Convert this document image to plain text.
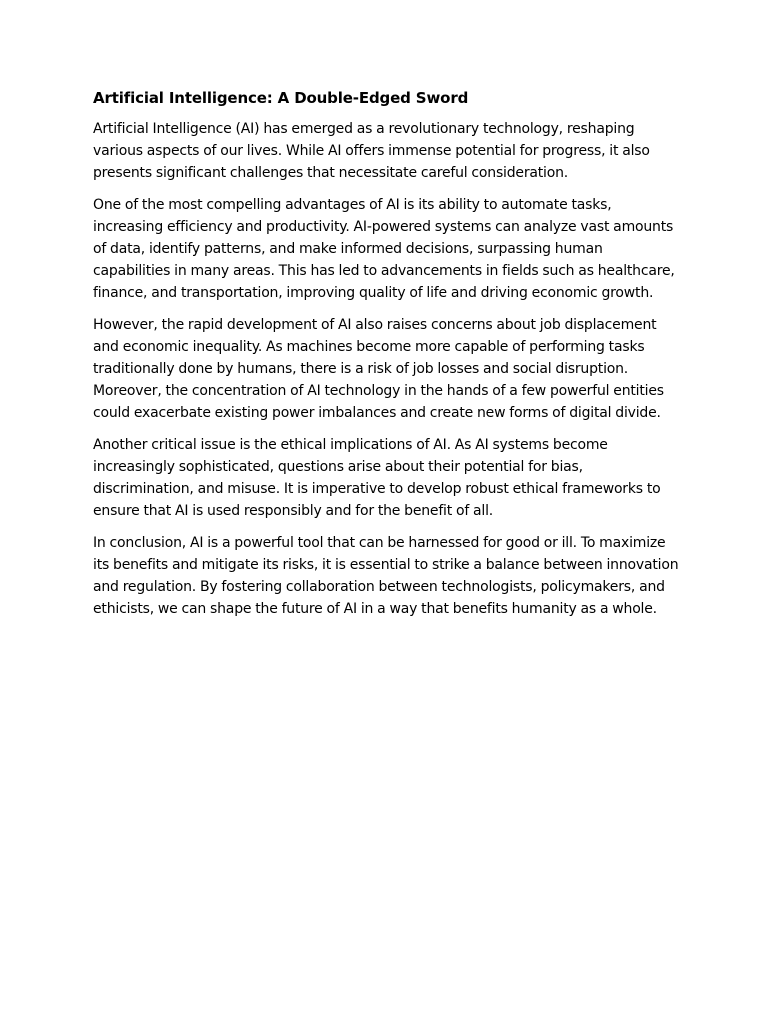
Artificial Intelligence: A Double-Edged Sword

Artificial Intelligence (AI) has emerged as a revolutionary technology, reshaping various aspects of our lives. While AI offers immense potential for progress, it also presents significant challenges that necessitate careful consideration.

One of the most compelling advantages of AI is its ability to automate tasks, increasing efficiency and productivity. AI-powered systems can analyze vast amounts of data, identify patterns, and make informed decisions, surpassing human capabilities in many areas. This has led to advancements in fields such as healthcare, finance, and transportation, improving quality of life and driving economic growth.

However, the rapid development of AI also raises concerns about job displacement and economic inequality. As machines become more capable of performing tasks traditionally done by humans, there is a risk of job losses and social disruption. Moreover, the concentration of AI technology in the hands of a few powerful entities could exacerbate existing power imbalances and create new forms of digital divide.

Another critical issue is the ethical implications of AI. As AI systems become increasingly sophisticated, questions arise about their potential for bias, discrimination, and misuse. It is imperative to develop robust ethical frameworks to ensure that AI is used responsibly and for the benefit of all.

In conclusion, AI is a powerful tool that can be harnessed for good or ill. To maximize its benefits and mitigate its risks, it is essential to strike a balance between innovation and regulation. By fostering collaboration between technologists, policymakers, and ethicists, we can shape the future of AI in a way that benefits humanity as a whole.
